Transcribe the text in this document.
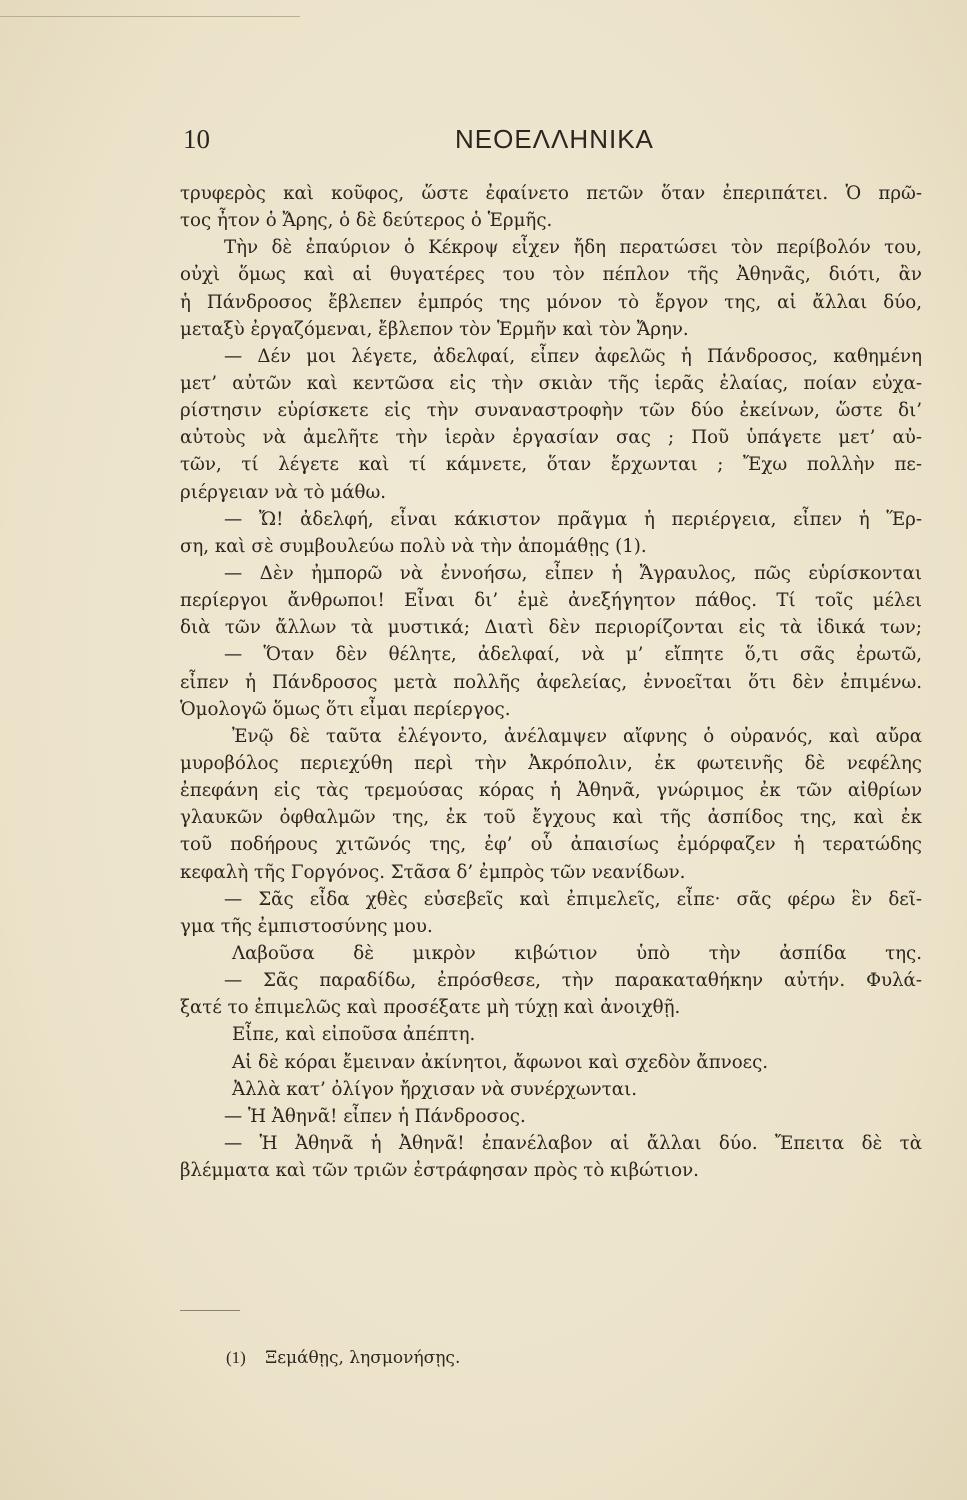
10	ΝΕΟΕΛΛΗΝΙΚΑ
τρυφερὸς καὶ κοῦφος, ὥστε ἐφαίνετο πετῶν ὅταν ἐπεριπάτει. Ὁ πρῶ-
τος ἦτον ὁ Ἄρης, ὁ δὲ δεύτερος ὁ Ἑρμῆς.
Τὴν δὲ ἐπαύριον ὁ Κέκροψ εἶχεν ἤδη περατώσει τὸν περίβολόν του,
οὐχὶ ὅμως καὶ αἱ θυγατέρες του τὸν πέπλον τῆς Ἀθηνᾶς, διότι, ἂν
ἡ Πάνδροσος ἔβλεπεν ἐμπρός της μόνον τὸ ἔργον της, αἱ ἄλλαι δύο,
μεταξὺ ἐργαζόμεναι, ἔβλεπον τὸν Ἑρμῆν καὶ τὸν Ἄρην.
— Δέν μοι λέγετε, ἀδελφαί, εἶπεν ἀφελῶς ἡ Πάνδροσος, καθημένη
μετ’ αὐτῶν καὶ κεντῶσα εἰς τὴν σκιὰν τῆς ἱερᾶς ἐλαίας, ποίαν εὐχα-
ρίστησιν εὑρίσκετε εἰς τὴν συναναστροφὴν τῶν δύο ἐκείνων, ὥστε δι’
αὐτοὺς νὰ ἀμελῆτε τὴν ἱερὰν ἐργασίαν σας ; Ποῦ ὑπάγετε μετ’ αὐ-
τῶν, τί λέγετε καὶ τί κάμνετε, ὅταν ἔρχωνται ; Ἔχω πολλὴν πε-
ριέργειαν νὰ τὸ μάθω.
— Ὤ! ἀδελφή, εἶναι κάκιστον πρᾶγμα ἡ περιέργεια, εἶπεν ἡ Ἕρ-
ση, καὶ σὲ συμβουλεύω πολὺ νὰ τὴν ἀπομάθῃς (1).
— Δὲν ἠμπορῶ νὰ ἐννοήσω, εἶπεν ἡ Ἄγραυλος, πῶς εὑρίσκονται
περίεργοι ἄνθρωποι! Εἶναι δι’ ἐμὲ ἀνεξήγητον πάθος. Τί τοῖς μέλει
διὰ τῶν ἄλλων τὰ μυστικά; Διατὶ δὲν περιορίζονται εἰς τὰ ἰδικά των;
— Ὅταν δὲν θέλητε, ἀδελφαί, νὰ μ’ εἴπητε ὅ,τι σᾶς ἐρωτῶ,
εἶπεν ἡ Πάνδροσος μετὰ πολλῆς ἀφελείας, ἐννοεῖται ὅτι δὲν ἐπιμένω.
Ὁμολογῶ ὅμως ὅτι εἶμαι περίεργος.
Ἐνῷ δὲ ταῦτα ἐλέγοντο, ἀνέλαμψεν αἴφνης ὁ οὐρανός, καὶ αὔρα
μυροβόλος περιεχύθη περὶ τὴν Ἀκρόπολιν, ἐκ φωτεινῆς δὲ νεφέλης
ἐπεφάνη εἰς τὰς τρεμούσας κόρας ἡ Ἀθηνᾶ, γνώριμος ἐκ τῶν αἰθρίων
γλαυκῶν ὀφθαλμῶν της, ἐκ τοῦ ἔγχους καὶ τῆς ἀσπίδος της, καὶ ἐκ
τοῦ ποδήρους χιτῶνός της, ἐφ’ οὗ ἀπαισίως ἐμόρφαζεν ἡ τερατώδης
κεφαλὴ τῆς Γοργόνος. Στᾶσα δ’ ἐμπρὸς τῶν νεανίδων.
— Σᾶς εἶδα χθὲς εὐσεβεῖς καὶ ἐπιμελεῖς, εἶπε· σᾶς φέρω ἓν δεῖ-
γμα τῆς ἐμπιστοσύνης μου.
Λαβοῦσα δὲ μικρὸν κιβώτιον ὑπὸ τὴν ἀσπίδα της.
— Σᾶς παραδίδω, ἐπρόσθεσε, τὴν παρακαταθήκην αὐτήν. Φυλά-
ξατέ το ἐπιμελῶς καὶ προσέξατε μὴ τύχῃ καὶ ἀνοιχθῇ.
Εἶπε, καὶ εἰποῦσα ἀπέπτη.
Αἱ δὲ κόραι ἔμειναν ἀκίνητοι, ἄφωνοι καὶ σχεδὸν ἄπνοες.
Ἀλλὰ κατ’ ὀλίγον ἤρχισαν νὰ συνέρχωνται.
— Ἡ Ἀθηνᾶ! εἶπεν ἡ Πάνδροσος.
— Ἡ Ἀθηνᾶ ἡ Ἀθηνᾶ! ἐπανέλαβον αἱ ἄλλαι δύο. Ἔπειτα δὲ τὰ
βλέμματα καὶ τῶν τριῶν ἐστράφησαν πρὸς τὸ κιβώτιον.
(1) Ξεμάθῃς, λησμονήσῃς.
